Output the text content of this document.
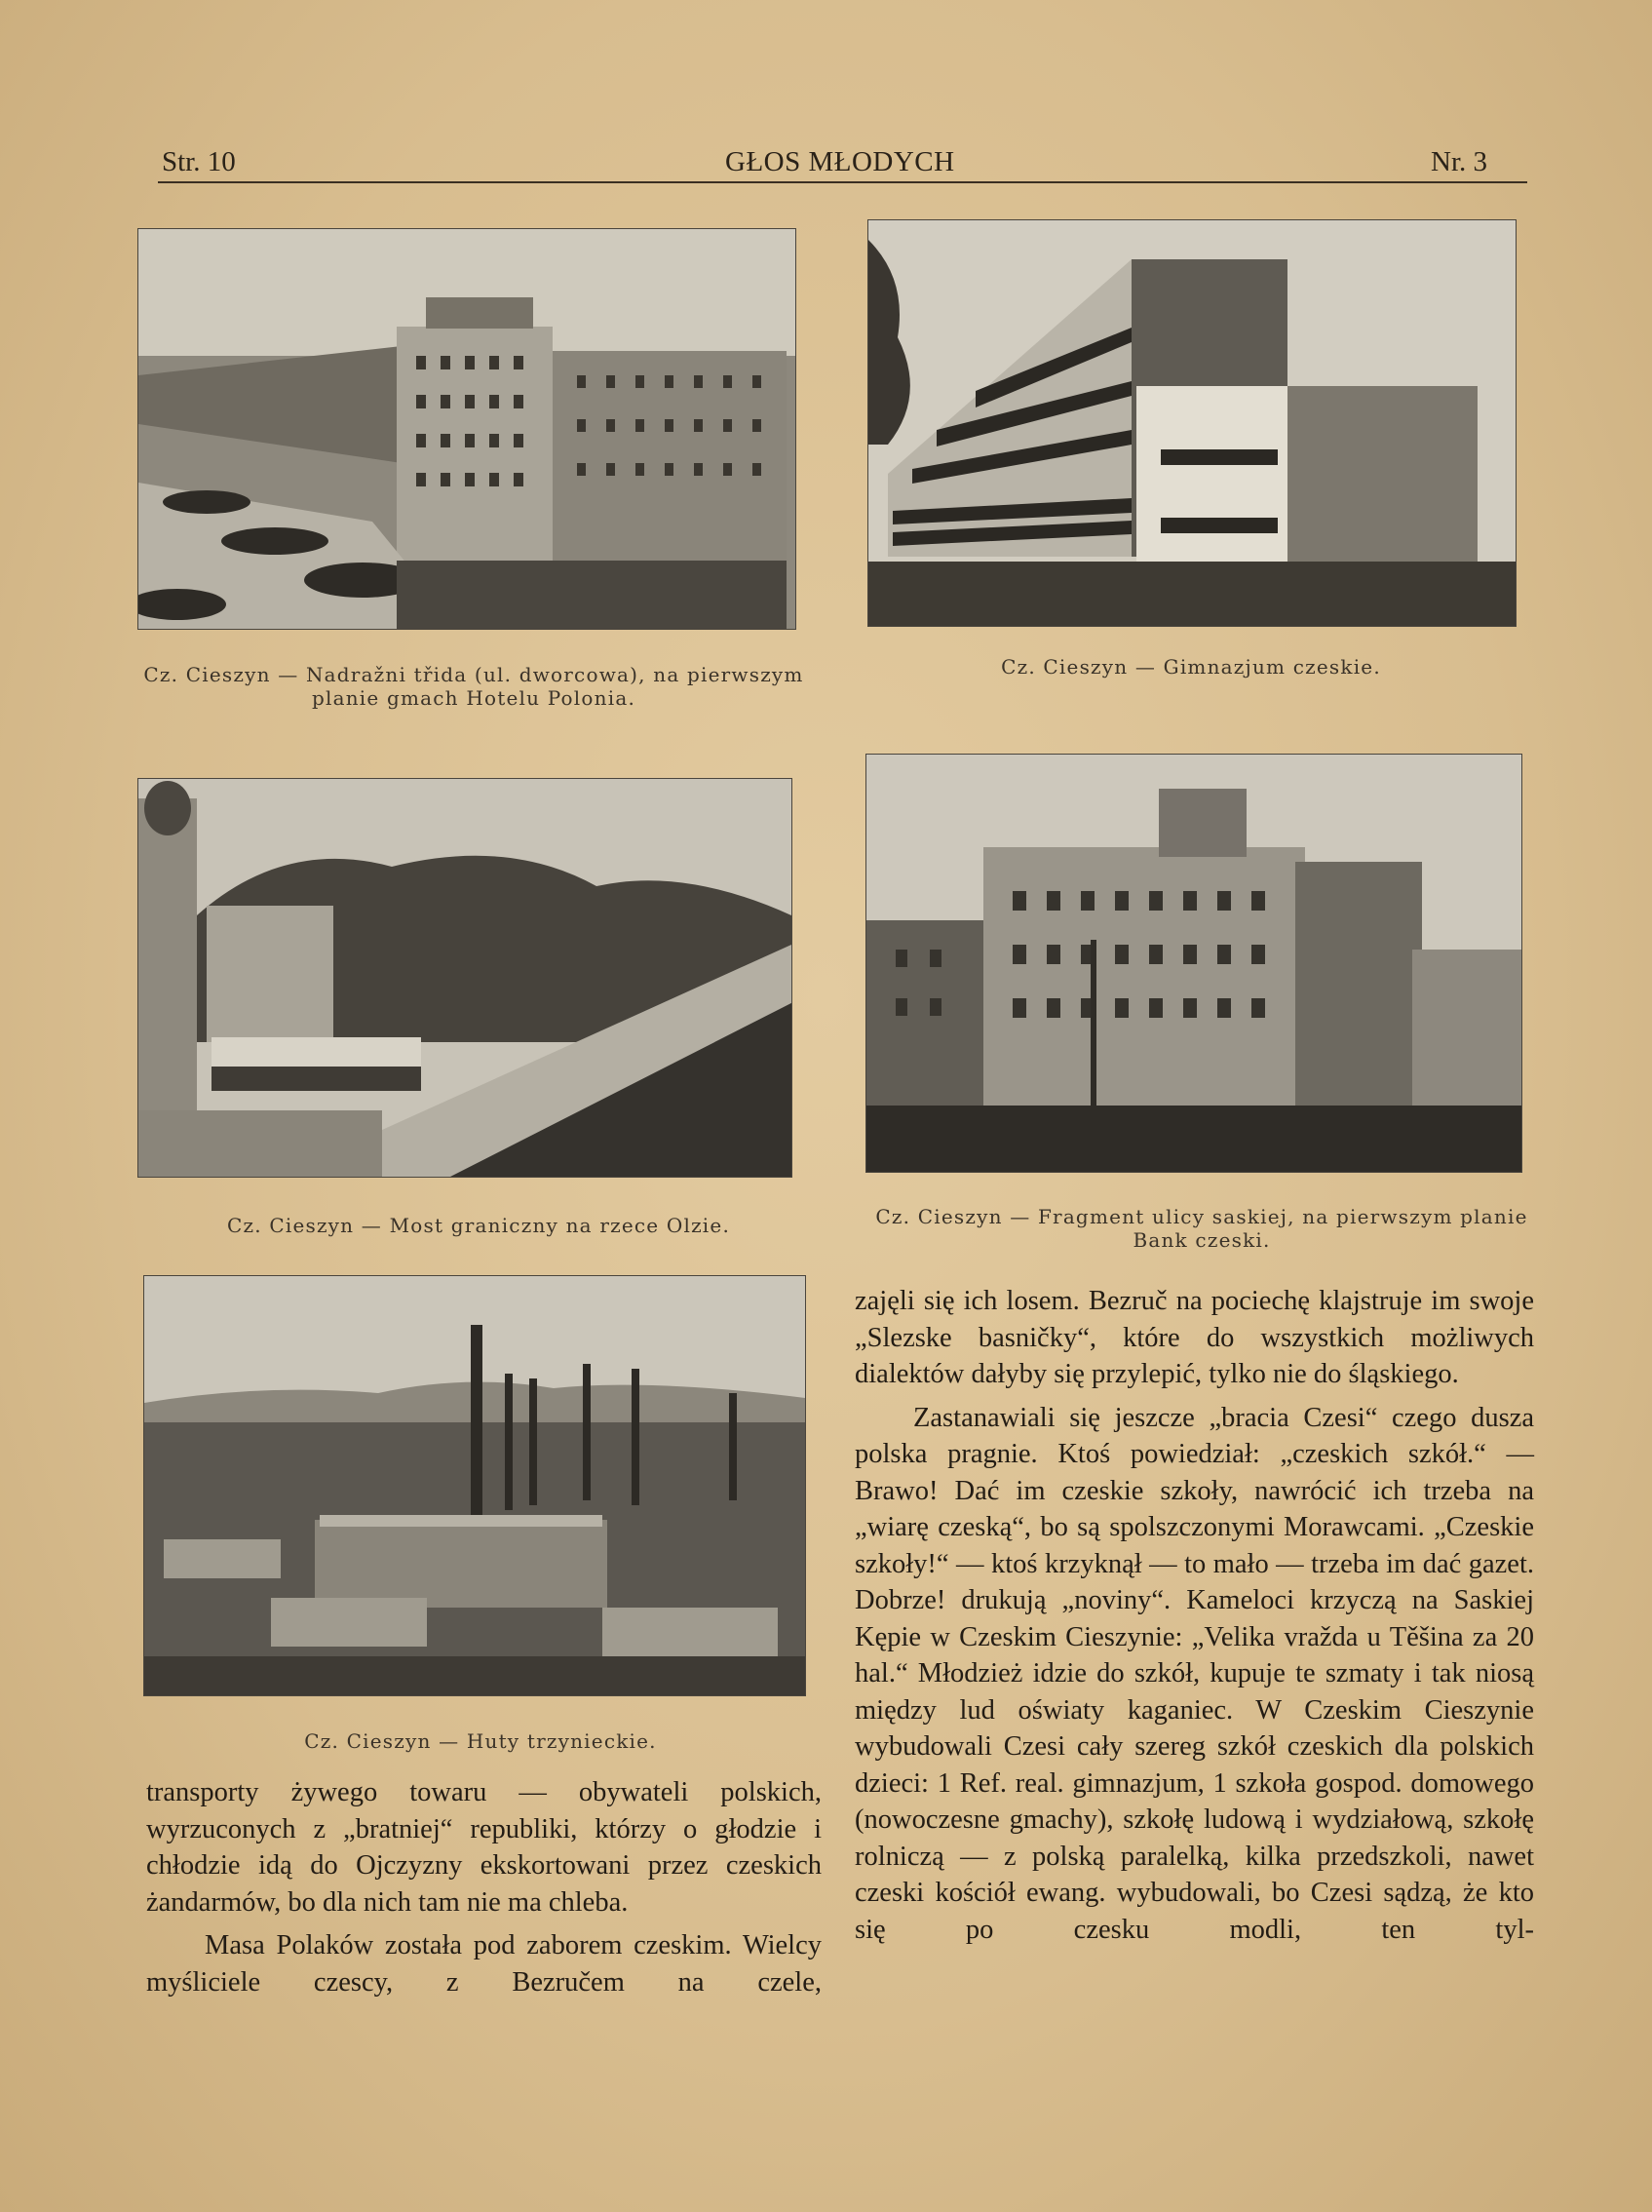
Str. 10	GŁOS MŁODYCH	Nr. 3
Cz. Cieszyn — Nadražni třida (ul. dworcowa), na pierwszym planie gmach Hotelu Polonia.
Cz. Cieszyn — Gimnazjum czeskie.
Cz. Cieszyn — Most graniczny na rzece Olzie.	Cz. Cieszyn — Fragment ulicy saskiej, na pierwszym planie Bank czeski.
Cz. Cieszyn — Huty trzynieckie.

transporty żywego towaru — obywateli polskich, wyrzuconych z „bratniej“ republiki, którzy o głodzie i chłodzie idą do Ojczyzny ekskortowani przez czeskich żandarmów, bo dla nich tam nie ma chleba.

Masa Polaków została pod zaborem czeskim. Wielcy myśliciele czescy, z Bezručem na czele,

zajęli się ich losem. Bezruč na pociechę klajstruje im swoje „Slezske basničky“, które do wszystkich możliwych dialektów dałyby się przylepić, tylko nie do śląskiego.

Zastanawiali się jeszcze „bracia Czesi“ czego dusza polska pragnie. Ktoś powiedział: „czeskich szkół.“ — Brawo! Dać im czeskie szkoły, nawrócić ich trzeba na „wiarę czeską“, bo są spolszczonymi Morawcami. „Czeskie szkoły!“ — ktoś krzyknął — to mało — trzeba im dać gazet. Dobrze! drukują „noviny“. Kameloci krzyczą na Saskiej Kępie w Czeskim Cieszynie: „Velika vražda u Těšina za 20 hal.“ Młodzież idzie do szkół, kupuje te szmaty i tak niosą między lud oświaty kaganiec. W Czeskim Cieszynie wybudowali Czesi cały szereg szkół czeskich dla polskich dzieci: 1 Ref. real. gimnazjum, 1 szkoła gospod. domowego (nowoczesne gmachy), szkołę ludową i wydziałową, szkołę rolniczą — z polską paralelką, kilka przedszkoli, nawet czeski kościół ewang. wybudowali, bo Czesi sądzą, że kto się po czesku modli, ten tyl-
